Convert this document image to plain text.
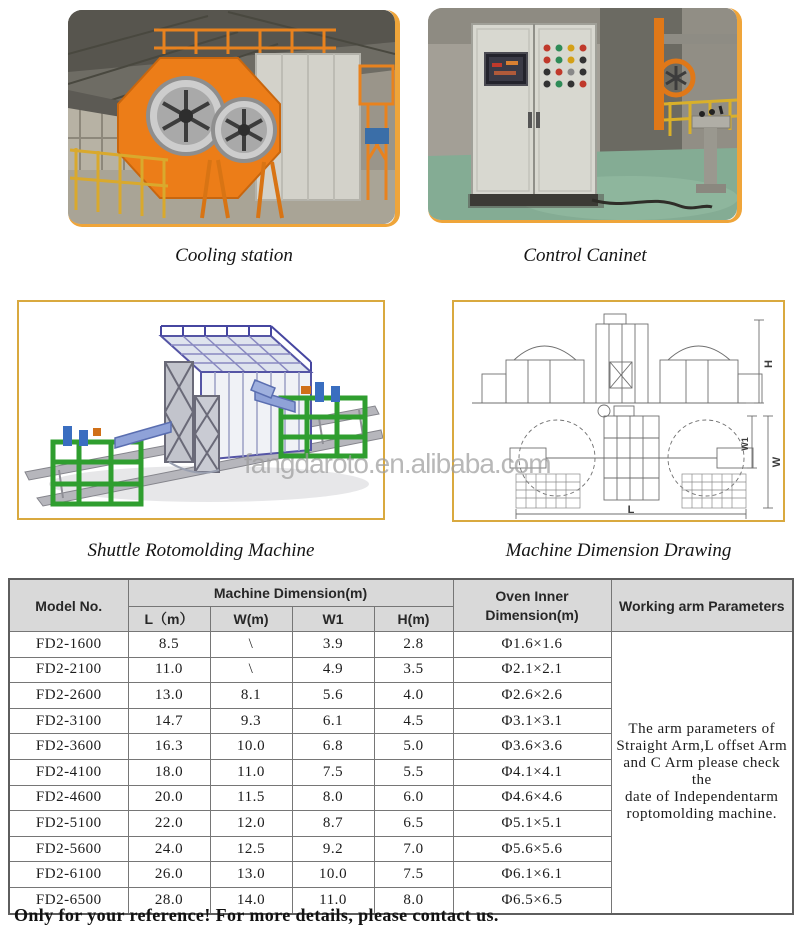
Cooling station	Control Caninet
H
W1
W
L
fangdaroto.en.alibaba.com
Shuttle Rotomolding Machine	Machine Dimension Drawing
Model No.	Machine Dimension(m)				Oven Inner
Dimension(m)	Working arm Parameters
	L（m）	W(m)	W1	H(m)		
FD2-1600	8.5	\	3.9	2.8	Φ1.6×1.6	The arm parameters of
Straight Arm,L offset Arm
and C Arm please check the
date of Independentarm
roptomolding machine.

FD2-2100	11.0	\	4.9	3.5	Φ2.1×2.1	
FD2-2600	13.0	8.1	5.6	4.0	Φ2.6×2.6	
FD2-3100	14.7	9.3	6.1	4.5	Φ3.1×3.1	
FD2-3600	16.3	10.0	6.8	5.0	Φ3.6×3.6	
FD2-4100	18.0	11.0	7.5	5.5	Φ4.1×4.1	
FD2-4600	20.0	11.5	8.0	6.0	Φ4.6×4.6	
FD2-5100	22.0	12.0	8.7	6.5	Φ5.1×5.1	
FD2-5600	24.0	12.5	9.2	7.0	Φ5.6×5.6	
FD2-6100	26.0	13.0	10.0	7.5	Φ6.1×6.1	
FD2-6500	28.0	14.0	11.0	8.0	Φ6.5×6.5	
Only for your reference! For more details, please contact us.
